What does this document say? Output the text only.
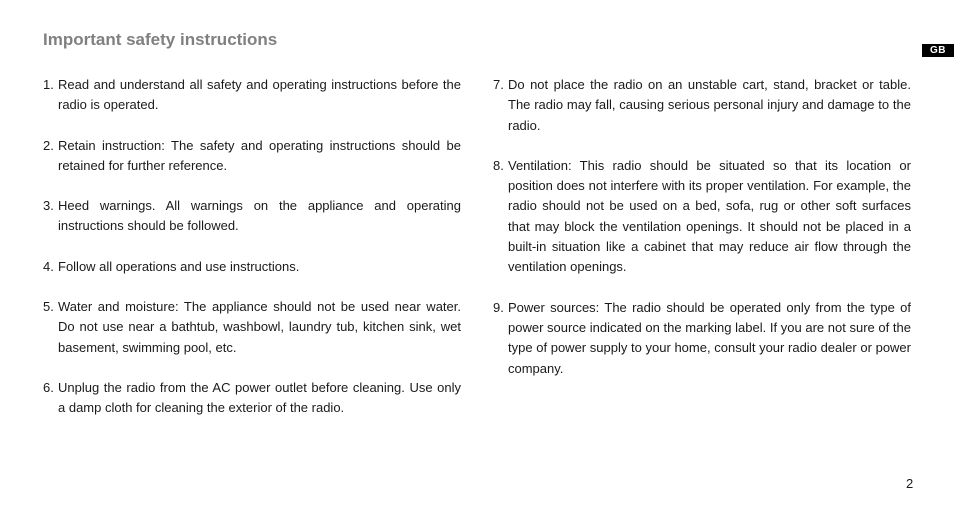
Important safety instructions
GB
1. Read and understand all safety and operating instructions before the radio is operated.
2. Retain instruction: The safety and operating instructions should be retained for further reference.
3. Heed warnings. All warnings on the appliance and operating instructions should be followed.
4. Follow all operations and use instructions.
5. Water and moisture: The appliance should not be used near water. Do not use near a bathtub, washbowl, laundry tub, kitchen sink, wet basement, swimming pool, etc.
6. Unplug the radio from the AC power outlet before cleaning. Use only a damp cloth for cleaning the exterior of the radio.
7. Do not place the radio on an unstable cart, stand, bracket or table. The radio may fall, causing serious personal injury and damage to the radio.
8. Ventilation: This radio should be situated so that its location or position does not interfere with its proper ventilation. For example, the radio should not be used on a bed, sofa, rug or other soft surfaces that may block the ventilation openings. It should not be placed in a built-in situation like a cabinet that may reduce air flow through the ventilation openings.
9. Power sources: The radio should be operated only from the type of power source indicated on the marking label. If you are not sure of the type of power supply to your home, consult your radio dealer or power company.
2
